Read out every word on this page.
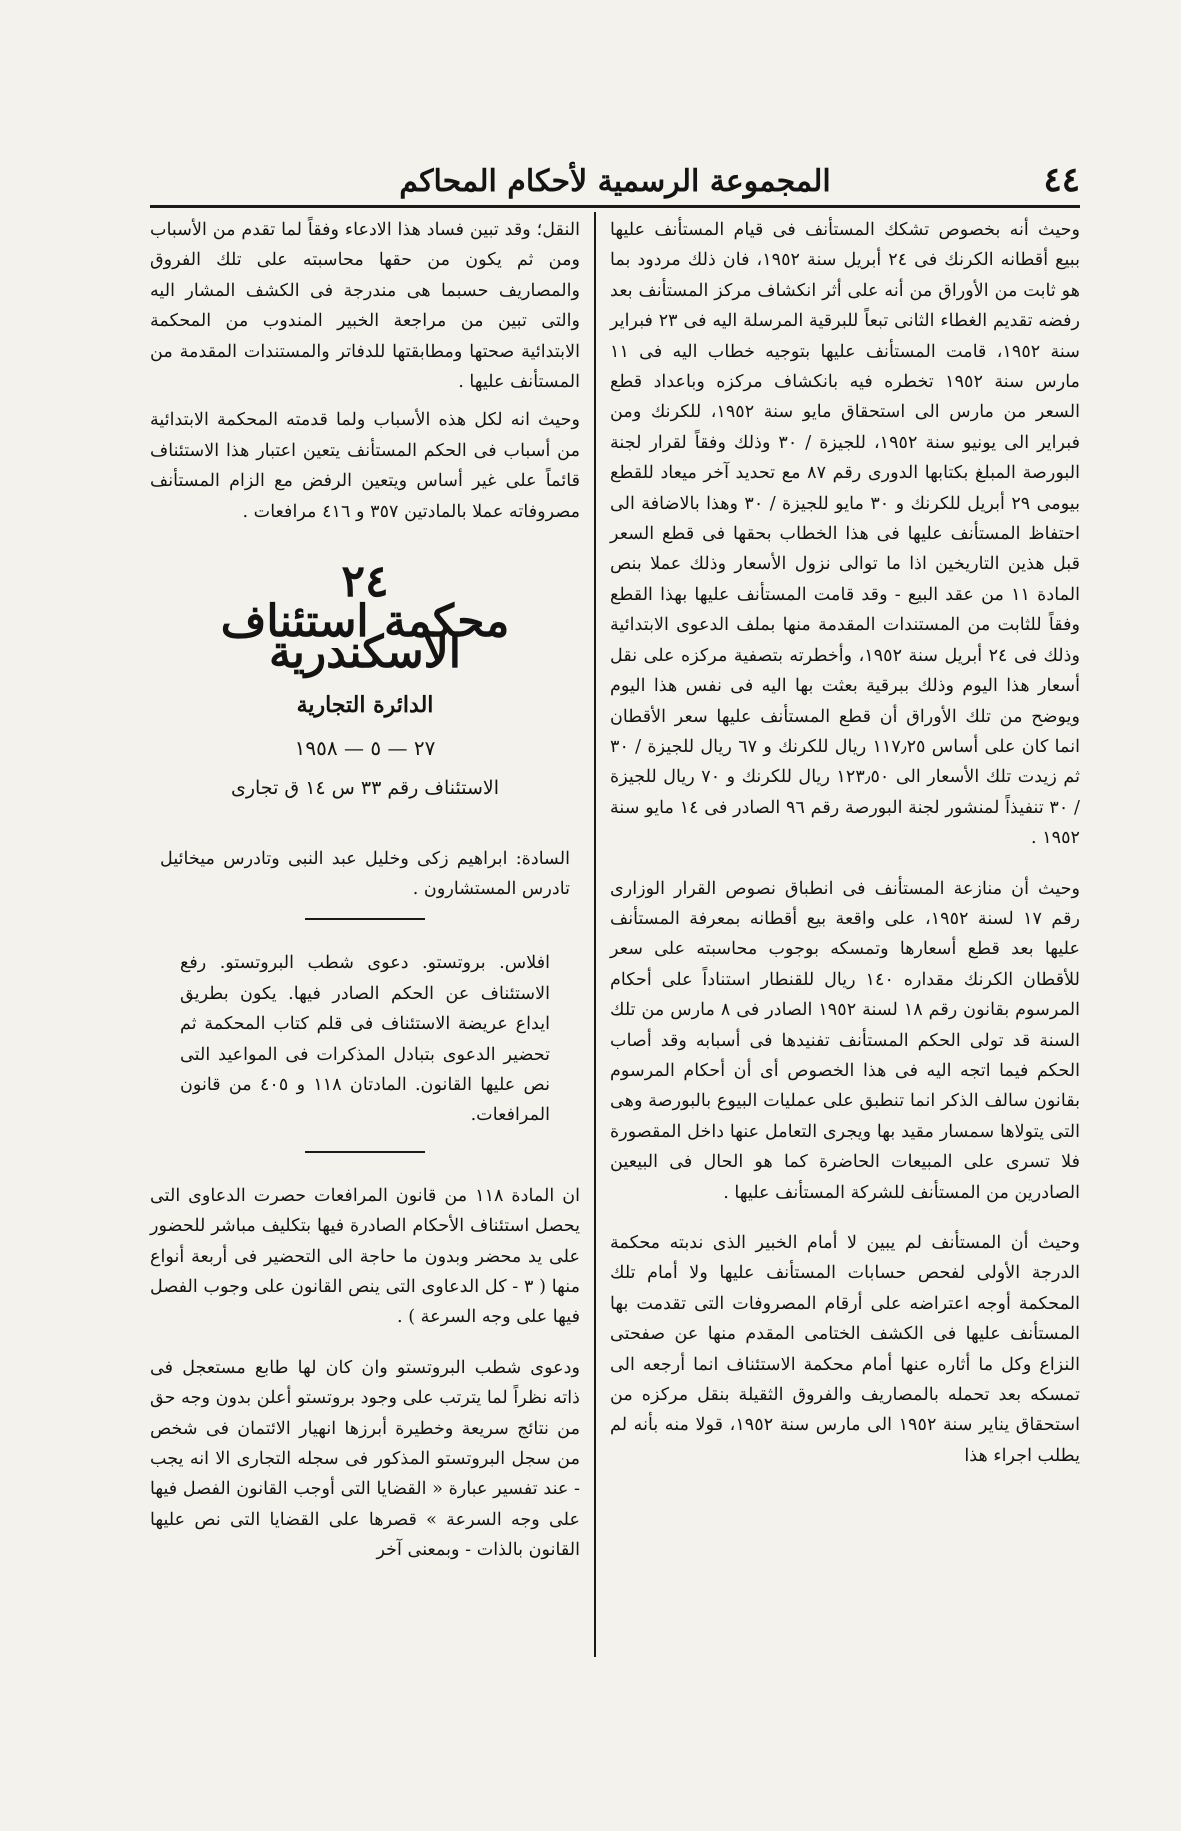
٤٤
المجموعة الرسمية لأحكام المحاكم

وحيث أنه بخصوص تشكك المستأنف فى قيام المستأنف عليها ببيع أقطانه الكرنك فى ٢٤ أبريل سنة ١٩٥٢، فان ذلك مردود بما هو ثابت من الأوراق من أنه على أثر انكشاف مركز المستأنف بعد رفضه تقديم الغطاء الثانى تبعاً للبرقية المرسلة اليه فى ٢٣ فبراير سنة ١٩٥٢، قامت المستأنف عليها بتوجيه خطاب اليه فى ١١ مارس سنة ١٩٥٢ تخطره فيه بانكشاف مركزه وباعداد قطع السعر من مارس الى استحقاق مايو سنة ١٩٥٢، للكرنك ومن فبراير الى يونيو سنة ١٩٥٢، للجيزة / ٣٠ وذلك وفقاً لقرار لجنة البورصة المبلغ بكتابها الدورى رقم ٨٧ مع تحديد آخر ميعاد للقطع بيومى ٢٩ أبريل للكرنك و ٣٠ مايو للجيزة / ٣٠ وهذا بالاضافة الى احتفاظ المستأنف عليها فى هذا الخطاب بحقها فى قطع السعر قبل هذين التاريخين اذا ما توالى نزول الأسعار وذلك عملا بنص المادة ١١ من عقد البيع - وقد قامت المستأنف عليها بهذا القطع وفقاً للثابت من المستندات المقدمة منها بملف الدعوى الابتدائية وذلك فى ٢٤ أبريل سنة ١٩٥٢، وأخطرته بتصفية مركزه على نقل أسعار هذا اليوم وذلك ببرقية بعثت بها اليه فى نفس هذا اليوم ويوضح من تلك الأوراق أن قطع المستأنف عليها سعر الأقطان انما كان على أساس ١١٧٫٢٥ ريال للكرنك و ٦٧ ريال للجيزة / ٣٠ ثم زيدت تلك الأسعار الى ١٢٣٫٥٠ ريال للكرنك و ٧٠ ريال للجيزة / ٣٠ تنفيذاً لمنشور لجنة البورصة رقم ٩٦ الصادر فى ١٤ مايو سنة ١٩٥٢ .

وحيث أن منازعة المستأنف فى انطباق نصوص القرار الوزارى رقم ١٧ لسنة ١٩٥٢، على واقعة بيع أقطانه بمعرفة المستأنف عليها بعد قطع أسعارها وتمسكه بوجوب محاسبته على سعر للأقطان الكرنك مقداره ١٤٠ ريال للقنطار استناداً على أحكام المرسوم بقانون رقم ١٨ لسنة ١٩٥٢ الصادر فى ٨ مارس من تلك السنة قد تولى الحكم المستأنف تفنيدها فى أسبابه وقد أصاب الحكم فيما اتجه اليه فى هذا الخصوص أى أن أحكام المرسوم بقانون سالف الذكر انما تنطبق على عمليات البيوع بالبورصة وهى التى يتولاها سمسار مقيد بها ويجرى التعامل عنها داخل المقصورة فلا تسرى على المبيعات الحاضرة كما هو الحال فى البيعين الصادرين من المستأنف للشركة المستأنف عليها .

وحيث أن المستأنف لم يبين لا أمام الخبير الذى ندبته محكمة الدرجة الأولى لفحص حسابات المستأنف عليها ولا أمام تلك المحكمة أوجه اعتراضه على أرقام المصروفات التى تقدمت بها المستأنف عليها فى الكشف الختامى المقدم منها عن صفحتى النزاع وكل ما أثاره عنها أمام محكمة الاستئناف انما أرجعه الى تمسكه بعد تحمله بالمصاريف والفروق الثقيلة بنقل مركزه من استحقاق يناير سنة ١٩٥٢ الى مارس سنة ١٩٥٢، قولا منه بأنه لم يطلب اجراء هذا

النقل؛ وقد تبين فساد هذا الادعاء وفقاً لما تقدم من الأسباب ومن ثم يكون من حقها محاسبته على تلك الفروق والمصاريف حسبما هى مندرجة فى الكشف المشار اليه والتى تبين من مراجعة الخبير المندوب من المحكمة الابتدائية صحتها ومطابقتها للدفاتر والمستندات المقدمة من المستأنف عليها .

وحيث انه لكل هذه الأسباب ولما قدمته المحكمة الابتدائية من أسباب فى الحكم المستأنف يتعين اعتبار هذا الاستئناف قائماً على غير أساس ويتعين الرفض مع الزام المستأنف مصروفاته عملا بالمادتين ٣٥٧ و ٤١٦ مرافعات .

٢٤
محكمة استئناف الاسكندرية
الدائرة التجارية
٢٧ — ٥ — ١٩٥٨
الاستئناف رقم ٣٣ س ١٤ ق تجارى

السادة: ابراهيم زكى وخليل عبد النبى وتادرس ميخائيل تادرس المستشارون .

افلاس. بروتستو. دعوى شطب البروتستو. رفع الاستئناف عن الحكم الصادر فيها. يكون بطريق ايداع عريضة الاستئناف فى قلم كتاب المحكمة ثم تحضير الدعوى بتبادل المذكرات فى المواعيد التى نص عليها القانون. المادتان ١١٨ و ٤٠٥ من قانون المرافعات.

ان المادة ١١٨ من قانون المرافعات حصرت الدعاوى التى يحصل استئناف الأحكام الصادرة فيها بتكليف مباشر للحضور على يد محضر وبدون ما حاجة الى التحضير فى أربعة أنواع منها ( ٣ - كل الدعاوى التى ينص القانون على وجوب الفصل فيها على وجه السرعة ) .

ودعوى شطب البروتستو وان كان لها طابع مستعجل فى ذاته نظراً لما يترتب على وجود بروتستو أعلن بدون وجه حق من نتائج سريعة وخطيرة أبرزها انهيار الائتمان فى شخص من سجل البروتستو المذكور فى سجله التجارى الا انه يجب - عند تفسير عبارة « القضايا التى أوجب القانون الفصل فيها على وجه السرعة » قصرها على القضايا التى نص عليها القانون بالذات - وبمعنى آخر
